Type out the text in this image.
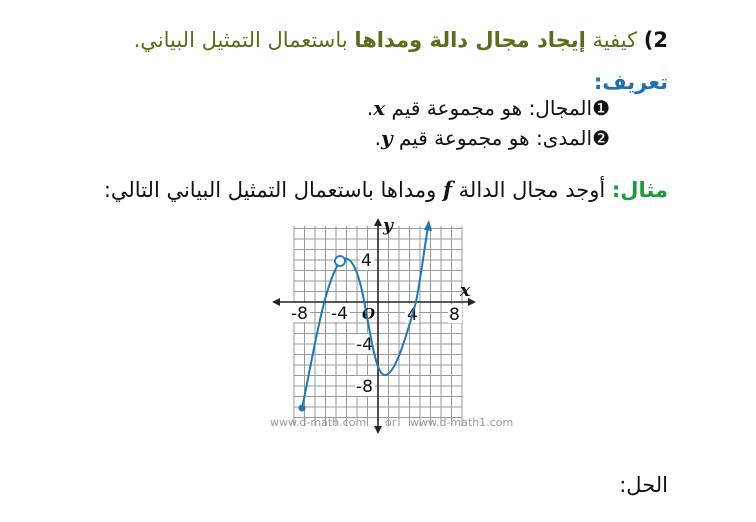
2) كيفية إيجاد مجال دالة ومداها باستعمال التمثيل البياني.
تعريف:
❶المجال: هو مجموعة قيم x.
❷المدى: هو مجموعة قيم y.
مثال: أوجد مجال الدالة f ومداها باستعمال التمثيل البياني التالي:
x
y
O
-8 -4	4 8
4
-4
-8
www.d-math.com or www.d-math1.com
الحل:
